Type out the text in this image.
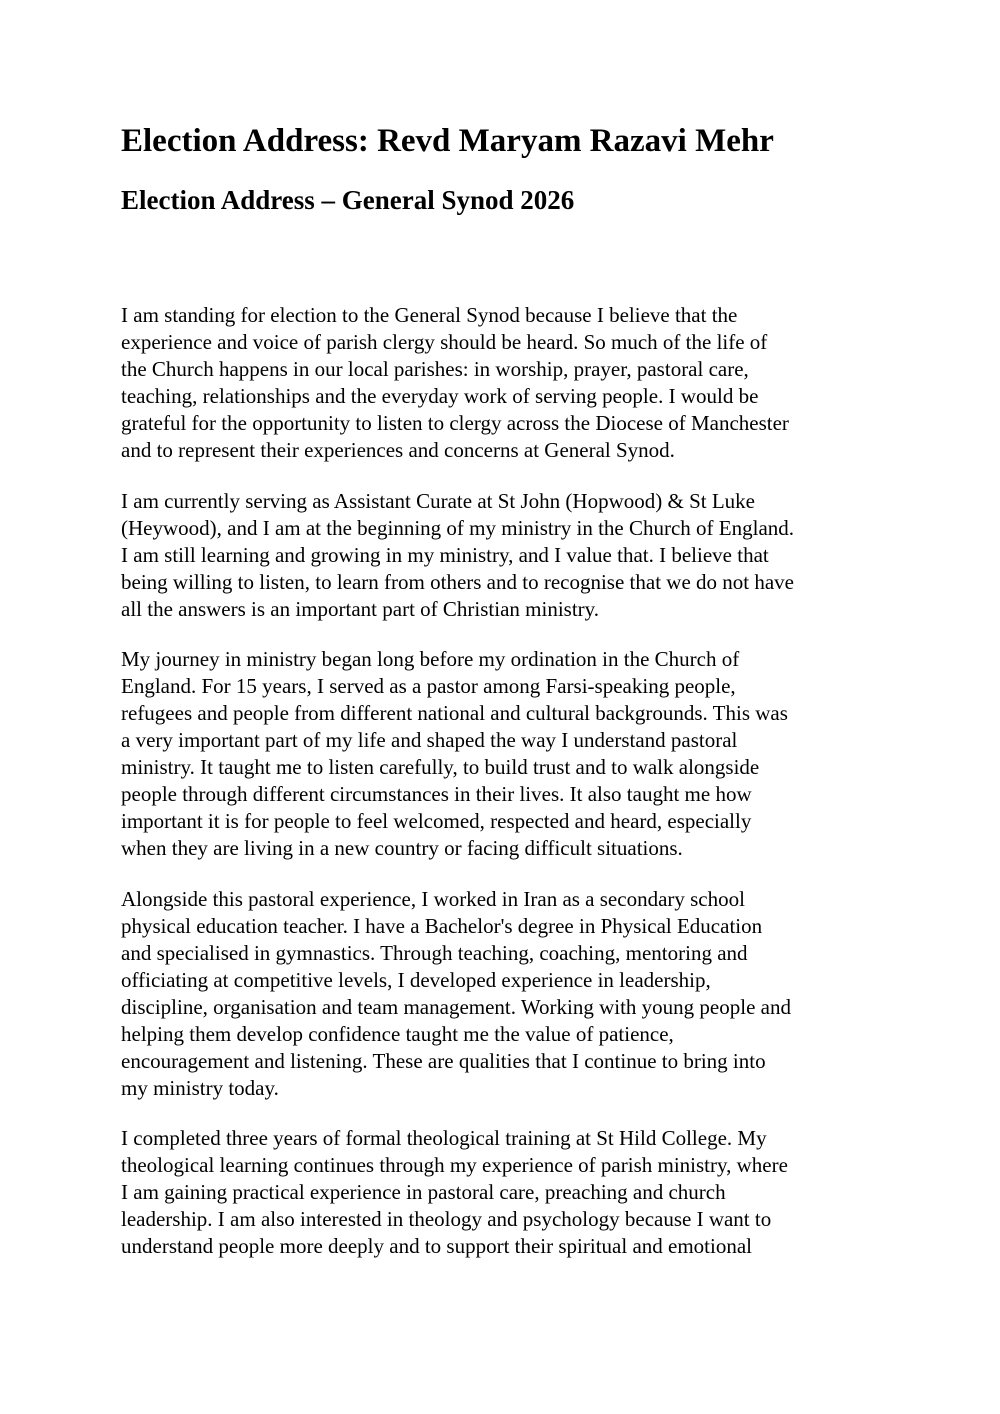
Election Address: Revd Maryam Razavi Mehr
Election Address – General Synod 2026

I am standing for election to the General Synod because I believe that the
experience and voice of parish clergy should be heard. So much of the life of
the Church happens in our local parishes: in worship, prayer, pastoral care,
teaching, relationships and the everyday work of serving people. I would be
grateful for the opportunity to listen to clergy across the Diocese of Manchester
and to represent their experiences and concerns at General Synod.

I am currently serving as Assistant Curate at St John (Hopwood) & St Luke
(Heywood), and I am at the beginning of my ministry in the Church of England.
I am still learning and growing in my ministry, and I value that. I believe that
being willing to listen, to learn from others and to recognise that we do not have
all the answers is an important part of Christian ministry.

My journey in ministry began long before my ordination in the Church of
England. For 15 years, I served as a pastor among Farsi-speaking people,
refugees and people from different national and cultural backgrounds. This was
a very important part of my life and shaped the way I understand pastoral
ministry. It taught me to listen carefully, to build trust and to walk alongside
people through different circumstances in their lives. It also taught me how
important it is for people to feel welcomed, respected and heard, especially
when they are living in a new country or facing difficult situations.

Alongside this pastoral experience, I worked in Iran as a secondary school
physical education teacher. I have a Bachelor's degree in Physical Education
and specialised in gymnastics. Through teaching, coaching, mentoring and
officiating at competitive levels, I developed experience in leadership,
discipline, organisation and team management. Working with young people and
helping them develop confidence taught me the value of patience,
encouragement and listening. These are qualities that I continue to bring into
my ministry today.

I completed three years of formal theological training at St Hild College. My
theological learning continues through my experience of parish ministry, where
I am gaining practical experience in pastoral care, preaching and church
leadership. I am also interested in theology and psychology because I want to
understand people more deeply and to support their spiritual and emotional
